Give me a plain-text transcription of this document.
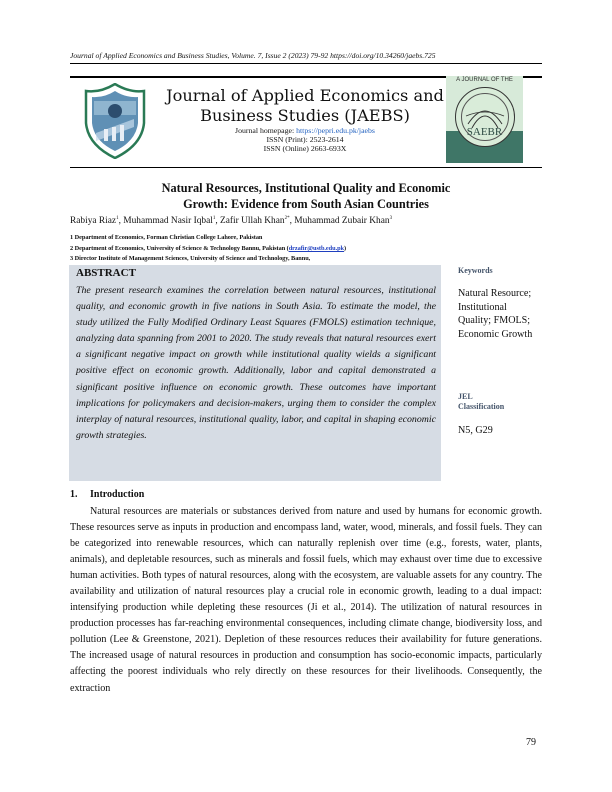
Journal of Applied Economics and Business Studies, Volume. 7, Issue 2 (2023) 79-92 https://doi.org/10.34260/jaebs.725
Journal of Applied Economics and
Business Studies (JAEBS)
Journal homepage: https://pepri.edu.pk/jaebs
ISSN (Print): 2523-2614
ISSN (Online) 2663-693X
A JOURNAL OF THE
SAEBR
Natural Resources, Institutional Quality and Economic
Growth: Evidence from South Asian Countries
Rabiya Riaz$^1$, Muhammad Nasir Iqbal$^1$, Zafir Ullah Khan$^{2*}$, Muhammad Zubair Khan$^3$
1 Department of Economics, Forman Christian College Lahore, Pakistan
2 Department of Economics, University of Science & Technology Bannu, Pakistan (drzafir@ustb.edu.pk)
3 Director Institute of Management Sciences, University of Science and Technology, Bannu,
ABSTRACT
The present research examines the correlation between natural resources, institutional quality, and economic growth in five nations in South Asia. To estimate the model, the study utilized the Fully Modified Ordinary Least Squares (FMOLS) estimation technique, analyzing data spanning from 2001 to 2020. The study reveals that natural resources exert a significant negative impact on growth while institutional quality wields a significant positive effect on economic growth. Additionally, labor and capital demonstrated a significant positive influence on economic growth. These outcomes have important implications for policymakers and decision-makers, urging them to consider the complex interplay of natural resources, institutional quality, labor, and capital in shaping economic growth strategies.
Keywords
Natural Resource; Institutional Quality; FMOLS; Economic Growth
JEL Classification
N5, G29
1. Introduction
Natural resources are materials or substances derived from nature and used by humans for economic growth. These resources serve as inputs in production and encompass land, water, wood, minerals, and fossil fuels. They can be categorized into renewable resources, which can naturally replenish over time (e.g., forests, water, plants, animals), and depletable resources, such as minerals and fossil fuels, which may exhaust over time due to excessive human activities. Both types of natural resources, along with the ecosystem, are valuable assets for any country. The availability and utilization of natural resources play a crucial role in economic growth, leading to a dual impact: intensifying production while depleting these resources (Ji et al., 2014). The utilization of natural resources in production processes has far-reaching environmental consequences, including climate change, biodiversity loss, and pollution (Lee & Greenstone, 2021). Depletion of these resources reduces their availability for future generations. The increased usage of natural resources in production and consumption has socio-economic impacts, particularly affecting the poorest individuals who rely directly on these resources for their livelihoods. Consequently, the extraction
79
